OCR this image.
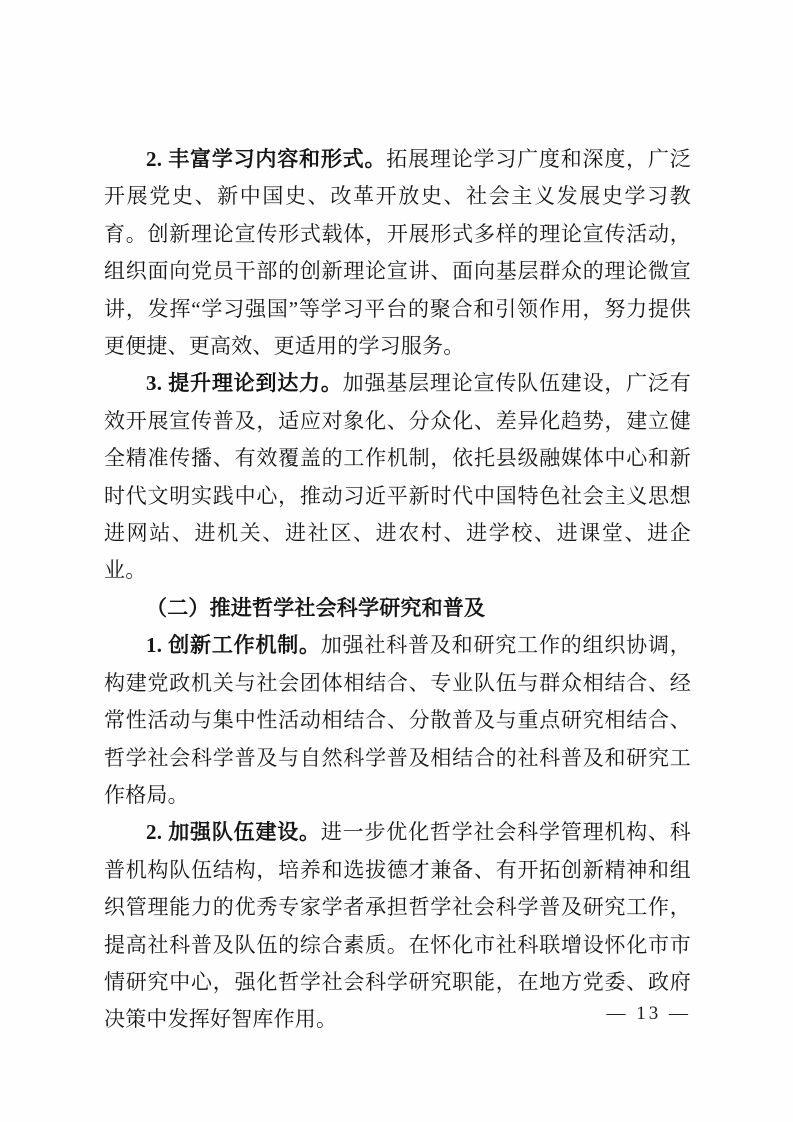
2. 丰富学习内容和形式。拓展理论学习广度和深度，广泛开展党史、新中国史、改革开放史、社会主义发展史学习教育。创新理论宣传形式载体，开展形式多样的理论宣传活动，组织面向党员干部的创新理论宣讲、面向基层群众的理论微宣讲，发挥“学习强国”等学习平台的聚合和引领作用，努力提供更便捷、更高效、更适用的学习服务。

3. 提升理论到达力。加强基层理论宣传队伍建设，广泛有效开展宣传普及，适应对象化、分众化、差异化趋势，建立健全精准传播、有效覆盖的工作机制，依托县级融媒体中心和新时代文明实践中心，推动习近平新时代中国特色社会主义思想进网站、进机关、进社区、进农村、进学校、进课堂、进企业。

（二）推进哲学社会科学研究和普及

1. 创新工作机制。加强社科普及和研究工作的组织协调，构建党政机关与社会团体相结合、专业队伍与群众相结合、经常性活动与集中性活动相结合、分散普及与重点研究相结合、哲学社会科学普及与自然科学普及相结合的社科普及和研究工作格局。

2. 加强队伍建设。进一步优化哲学社会科学管理机构、科普机构队伍结构，培养和选拔德才兼备、有开拓创新精神和组织管理能力的优秀专家学者承担哲学社会科学普及研究工作，提高社科普及队伍的综合素质。在怀化市社科联增设怀化市市情研究中心，强化哲学社会科学研究职能，在地方党委、政府决策中发挥好智库作用。	— 13 —
